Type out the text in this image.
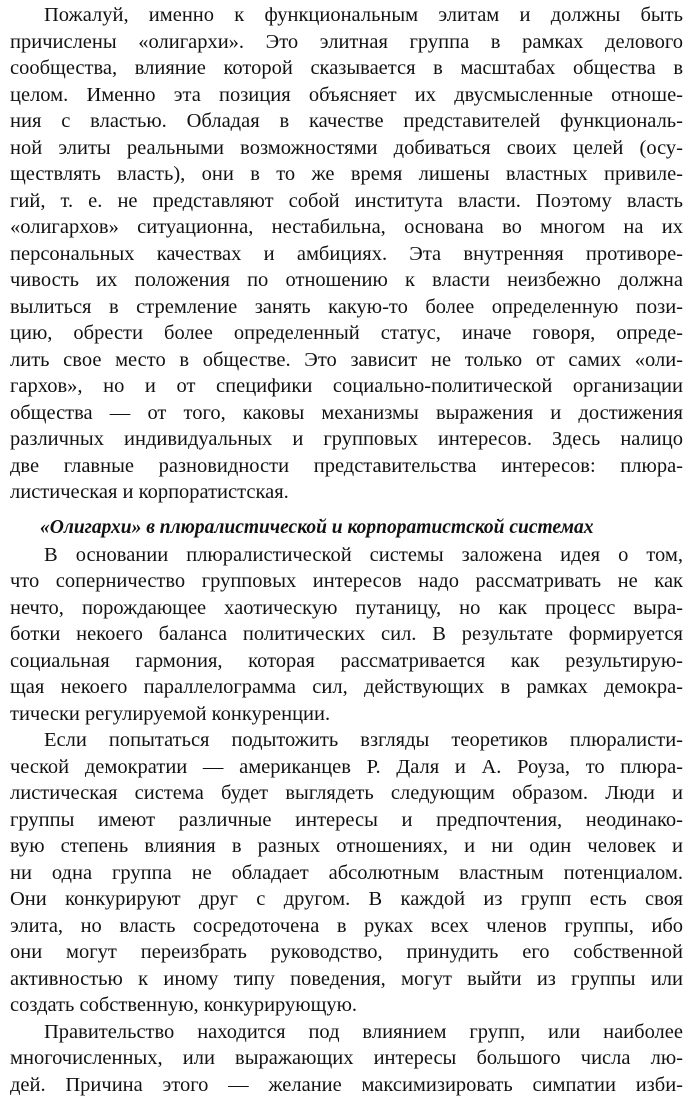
Пожалуй, именно к функциональным элитам и должны быть
причислены «олигархи». Это элитная группа в рамках делового
сообщества, влияние которой сказывается в масштабах общества в
целом. Именно эта позиция объясняет их двусмысленные отноше-
ния с властью. Обладая в качестве представителей функциональ-
ной элиты реальными возможностями добиваться своих целей (осу-
ществлять власть), они в то же время лишены властных привиле-
гий, т. е. не представляют собой института власти. Поэтому власть
«олигархов» ситуационна, нестабильна, основана во многом на их
персональных качествах и амбициях. Эта внутренняя противоре-
чивость их положения по отношению к власти неизбежно должна
вылиться в стремление занять какую-то более определенную пози-
цию, обрести более определенный статус, иначе говоря, опреде-
лить свое место в обществе. Это зависит не только от самих «оли-
гархов», но и от специфики социально-политической организации
общества — от того, каковы механизмы выражения и достижения
различных индивидуальных и групповых интересов. Здесь налицо
две главные разновидности представительства интересов: плюра-
листическая и корпоратистская.
«Олигархи» в плюралистической и корпоратистской системах
В основании плюралистической системы заложена идея о том,
что соперничество групповых интересов надо рассматривать не как
нечто, порождающее хаотическую путаницу, но как процесс выра-
ботки некоего баланса политических сил. В результате формируется
социальная гармония, которая рассматривается как результирую-
щая некоего параллелограмма сил, действующих в рамках демокра-
тически регулируемой конкуренции.
Если попытаться подытожить взгляды теоретиков плюралисти-
ческой демократии — американцев Р. Даля и А. Роуза, то плюра-
листическая система будет выглядеть следующим образом. Люди и
группы имеют различные интересы и предпочтения, неодинако-
вую степень влияния в разных отношениях, и ни один человек и
ни одна группа не обладает абсолютным властным потенциалом.
Они конкурируют друг с другом. В каждой из групп есть своя
элита, но власть сосредоточена в руках всех членов группы, ибо
они могут переизбрать руководство, принудить его собственной
активностью к иному типу поведения, могут выйти из группы или
создать собственную, конкурирующую.
Правительство находится под влиянием групп, или наиболее
многочисленных, или выражающих интересы большого числа лю-
дей. Причина этого — желание максимизировать симпатии изби-
